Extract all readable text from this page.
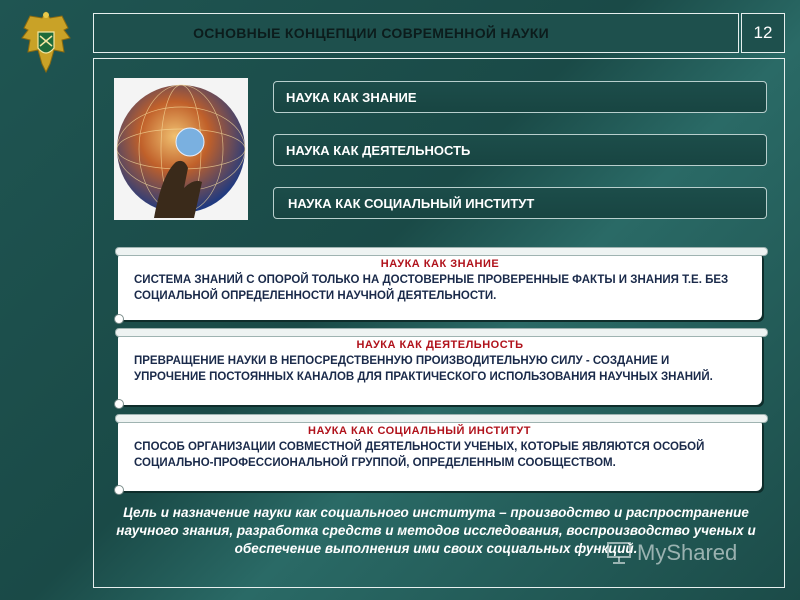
ОСНОВНЫЕ КОНЦЕПЦИИ СОВРЕМЕННОЙ НАУКИ	12
НАУКА КАК ЗНАНИЕ
НАУКА КАК ДЕЯТЕЛЬНОСТЬ
НАУКА КАК СОЦИАЛЬНЫЙ ИНСТИТУТ
НАУКА КАК ЗНАНИЕ
СИСТЕМА ЗНАНИЙ С ОПОРОЙ ТОЛЬКО НА ДОСТОВЕРНЫЕ ПРОВЕРЕННЫЕ ФАКТЫ И ЗНАНИЯ Т.Е. БЕЗ СОЦИАЛЬНОЙ ОПРЕДЕЛЕННОСТИ НАУЧНОЙ ДЕЯТЕЛЬНОСТИ.
НАУКА КАК ДЕЯТЕЛЬНОСТЬ
ПРЕВРАЩЕНИЕ НАУКИ В НЕПОСРЕДСТВЕННУЮ ПРОИЗВОДИТЕЛЬНУЮ СИЛУ - СОЗДАНИЕ И УПРОЧЕНИЕ ПОСТОЯННЫХ КАНАЛОВ ДЛЯ ПРАКТИЧЕСКОГО ИСПОЛЬЗОВАНИЯ НАУЧНЫХ ЗНАНИЙ.
НАУКА КАК СОЦИАЛЬНЫЙ ИНСТИТУТ
СПОСОБ ОРГАНИЗАЦИИ СОВМЕСТНОЙ ДЕЯТЕЛЬНОСТИ УЧЕНЫХ, КОТОРЫЕ ЯВЛЯЮТСЯ ОСОБОЙ СОЦИАЛЬНО-ПРОФЕССИОНАЛЬНОЙ ГРУППОЙ, ОПРЕДЕЛЕННЫМ СООБЩЕСТВОМ.
Цель и назначение науки как социального института – производство и распространение научного знания, разработка средств и методов исследования, воспроизводство ученых и обеспечение выполнения ими своих социальных функций. MyShared
